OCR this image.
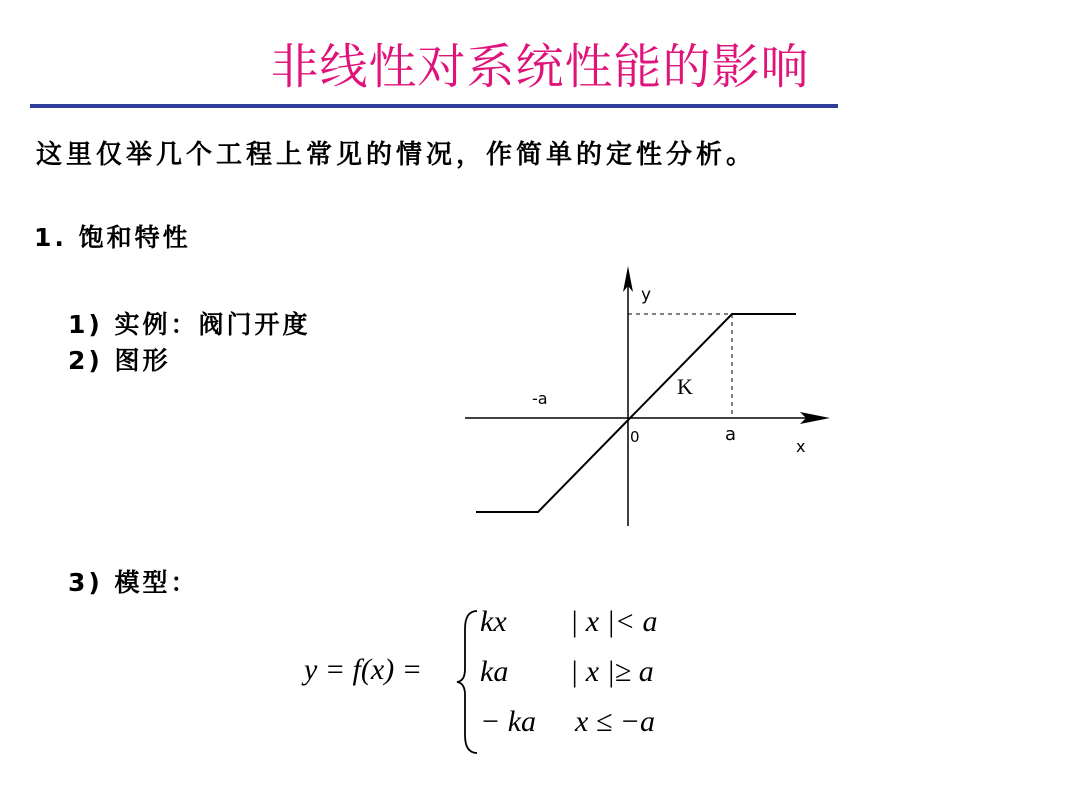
非线性对系统性能的影响
这里仅举几个工程上常见的情况，作简单的定性分析。
1. 饱和特性
1) 实例：阀门开度
2) 图形
3) 模型：
y
x
0	a
-a	K
y = f(x) =
kx | x |< a
ka | x |≥ a
− ka x ≤ −a
